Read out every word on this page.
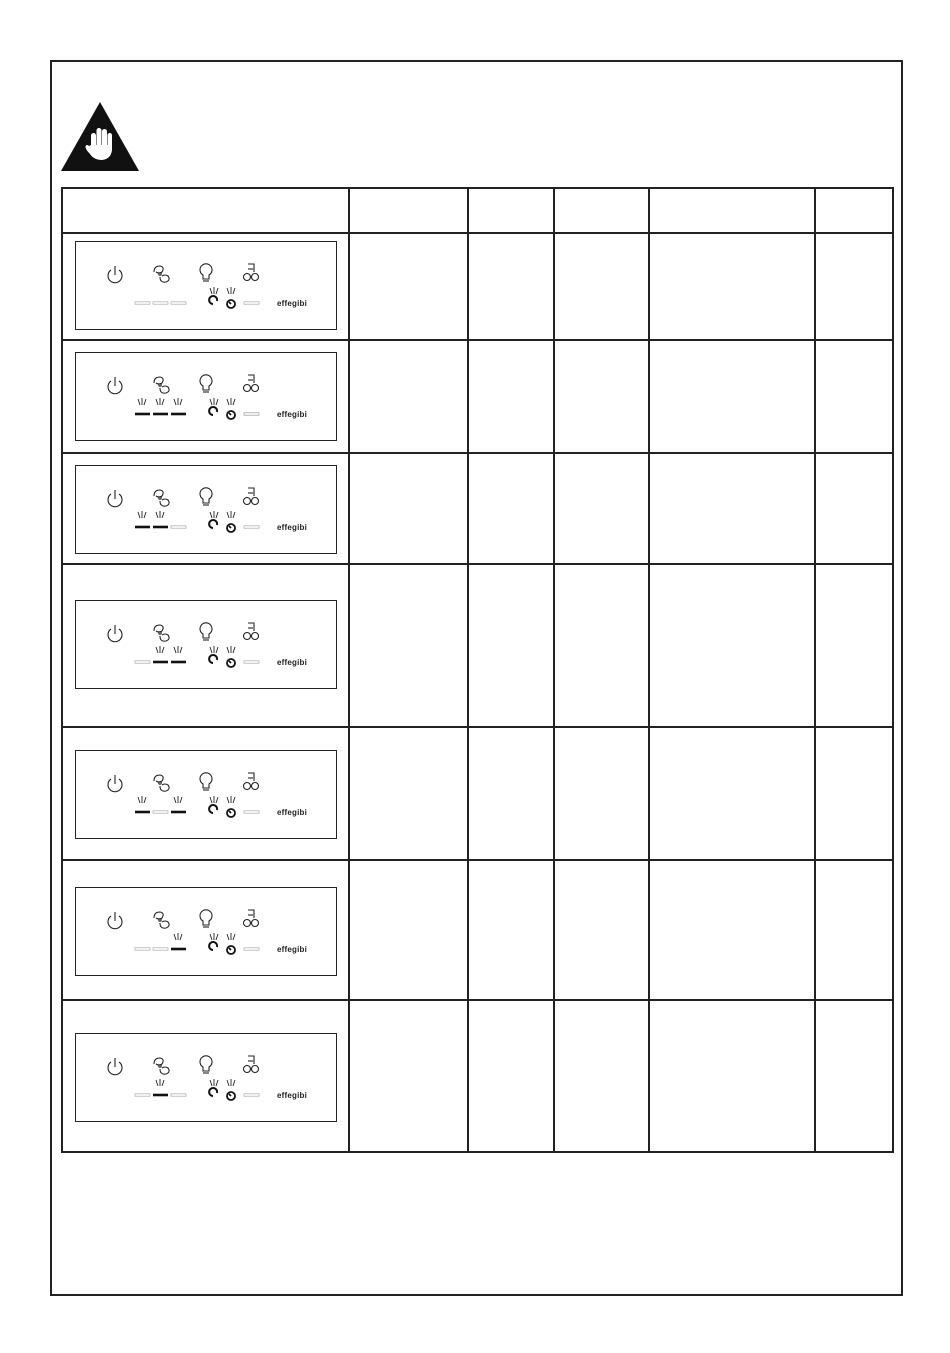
effegibi					

effegibi					

effegibi					

effegibi					

effegibi					

effegibi					

effegibi					
